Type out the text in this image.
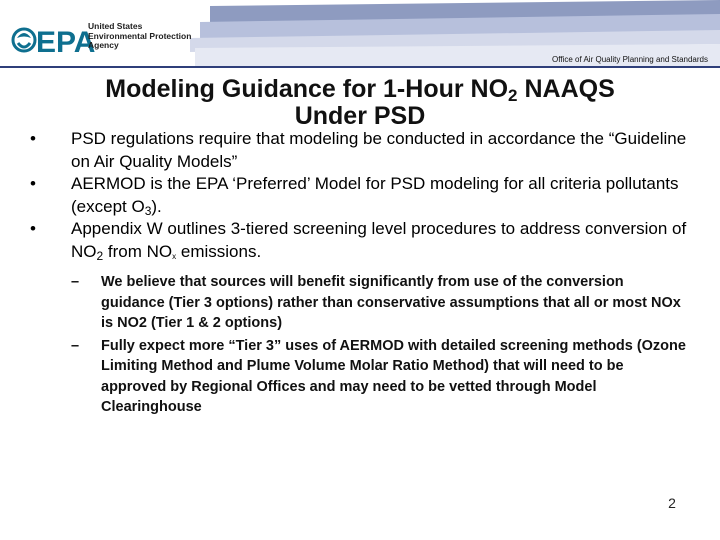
EPA
United States
Environmental Protection
Agency
Office of Air Quality Planning and Standards
Modeling Guidance for 1-Hour $NO_2$ NAAQS
Under PSD

• PSD regulations require that modeling be conducted in accordance the “Guideline on Air Quality Models”

• AERMOD is the EPA ‘Preferred’ Model for PSD modeling for all criteria pollutants (except $O_3$).

• Appendix W outlines 3-tiered screening level procedures to address conversion of $NO_2$ from $NO_x$ emissions.

– We believe that sources will benefit significantly from use of the conversion guidance (Tier 3 options) rather than conservative assumptions that all or most NOx is NO2 (Tier 1 & 2 options)

– Fully expect more “Tier 3” uses of AERMOD with detailed screening methods (Ozone Limiting Method and Plume Volume Molar Ratio Method) that will need to be approved by Regional Offices and may need to be vetted through Model Clearinghouse

2
